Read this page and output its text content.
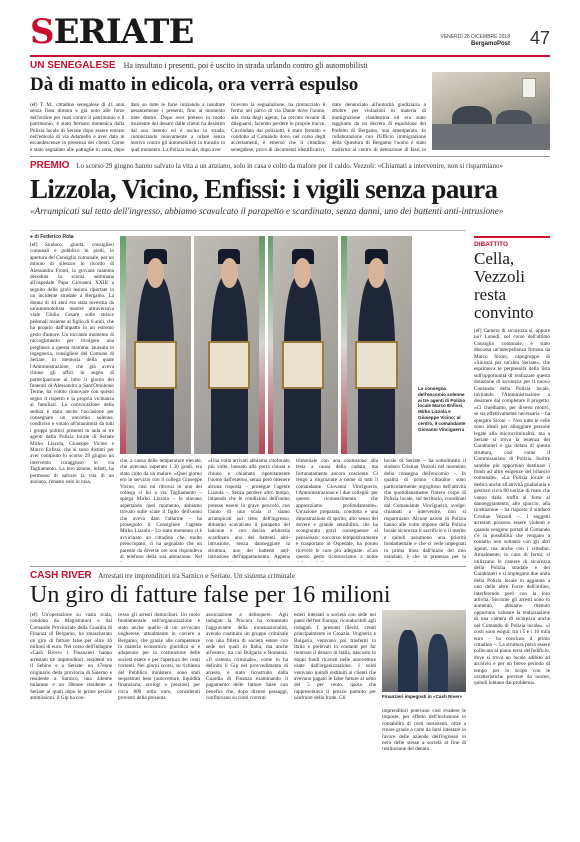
SERIATE	VENERDÌ 28 DICEMBRE 2018
BergamoPost 47
UN SENEGALESE Ha insultato i presenti, poi è uscito in strada urlando contro gli automobilisti
Dà di matto in edicola, ora verrà espulso
(ef) T. M., cittadino senegalese di 41 anni senza fissa dimora e già noto alle forze dell'ordine per reati contro il patrimonio e il patrimonio, è stato fermato domenica dalla Polizia locale di Seriate dopo essere entrato nell'edicola di via Adamello e aver dato in escandescenze in presenza dei clienti. Come è stato segnalato alle pattuglie in zona, dopo
dato su tutte le furie iniziando a insultare pesantemente i presenti, fino al momento tutte dentro. Dopo aver preteso in modo insistente del denaro dalle clienti ha desistito dal suo intento ed è uscito in strada, cominciando nuovamente a urlare senza motivo contro gli automobilisti in transito in quel momento. La Polizia locale, dopo aver
ricevuto la segnalazione, ha rintracciato il fermo nel parco di via Dante dove l'uomo, alla vista degli agenti, ha cercato invano di dileguarsi, facendo perdere le proprie tracce. Circondato dai poliziotti, è stato fermato e condotto al Comando dove, nel corso degli accertamenti, è emerso che il cittadino senegalese, privo di documenti identificativi,
stato denunciato all'autorità giudiziaria a ottobre per violazioni in materia di immigrazione clandestina ed era stato raggiunto da un decreto di espulsione del Prefetto di Bergamo, mai ottemperato. In collaborazione con l'Ufficio immigrazione della Questura di Bergamo l'uomo è stato trasferito al centro di detenzione di Bari in
PREMIO Lo scorso 29 giugno hanno salvato la vita a un anziano, solo in casa e colto da malore per il caldo. Vezzoli: «Chiamati a intervenire, non si risparmiano»
Lizzola, Vicino, Enfissi: i vigili senza paura
«Arrampicati sul tetto dell'ingresso, abbiamo scavalcato il parapetto e scardinato, senza danni, uno dei battenti anti-intrusione»
● di Federico Rota
(ef) Sindaco, giunta, consiglieri comunali e pubblico in piedi, in apertura del Consiglio comunale, per un minuto di silenzio in ricordo di Alessandra Fronti, la giovane mamma deceduta la scorsa settimana all'ospedale Papa Giovanni XXIII a seguito delle gravi lesioni riportate in un incidente stradale a Bergamo. La donna di 44 anni era stata investita da un'automobilista mentre attraversava viale Giulio Cesare sulle strisce pedonali insieme al figlio di 6 anni, che ha proprio dall'impatto in un estremo gesto d'amore. Un toccante momento di raccoglimento per rivolgere una preghiera a questa mamma, laureata in ingegneria, consigliere del Comune di Seriate, in memoria della quale l'Amministrazione, che già aveva chiuso gli uffici in segno di partecipazione al lutto il giorno dei funerali di Alessandra a Sant'Omobono Terme, ha voluto rinnovare con questo segno il rispetto e la propria vicinanza ai familiari. La convocazione della seduta è stata anche l'occasione per consegnare un encomio solenne, condiviso e votato all'unanimità da tutti i gruppi politici presenti in aula ai tre agenti della Polizia locale di Seriate Mirko Lizzola, Giuseppe Vicino e Marco Enfissi, che si sono distinti per aver compiuto lo scorso 29 giugno un intervento coraggioso in via Tagliamento. La loro azione, infatti, ha permesso di salvare la vita di un anziano, rimasto solo in casa,
La consegna dell'encomio solenne ai tre agenti di Polizia locale Marco Enfissi, Mirko Lizzola e Giuseppe Vicino; al centro, il comandante Giovanni Vinciguerra
che, a causa delle temperature elevate, che avevano superato i 30 gradi, era stato colto da un malore. «Quel giorno ero in servizio con il collega Giuseppe Vicino, così mi ritrovai in uno dei collega ci ho a via Tagliamento – spiega Mirko Lizzola – lo stavano aspettando quel momento, abbiamo trovato sulle scale il figlio dell'uomo che aveva dato l'allarme – ha proseguito il Consigliere l'agente Mirko Lizzola – Lo stato momento ci è avvicinato un cittadino che, molto preoccupato, ci ha segnalato che un parente da diverse ore non rispondeva al telefono della sua abitazione. Nel
«Una volta arrivati abbiamo citofonato più volte, bussato alla porta chiusa e chiuso e chiamato ripetutamente l'uomo dall'esterno, senza però ottenere alcuna risposta – prosegue l'agente Lizzola –. Senza perdere altro tempo, intuendo che le condizioni dell'uomo potesse essere in grave pericolo, con l'aiuto di una scala ci siamo arrampicati sul tetto dell'ingresso, abbiamo scavalcato il parapetto del balcone e con decisa arbitraria scardinato uno dei battenti anti-intrusione, senza danneggiare la struttura, uno dei battenti anti-intrusione dell'appartamento. Appena
trimoniale con una contusione alla testa a causa della caduta, ma fortunatamente ancora cosciente. Ci tengo a ringraziare a nome di tutti il comandante Giovanni Vinciguerra, l'Amministrazione e i due colleghi: per questo riconoscimento che apprezziamo profondamente». Un'azione preparata, condotta e una dimostrazione di spirito, alto senso del dovere e grande sensibilità, che ha scongiurato gravi conseguenze al pensionato: soccorso tempestivamente e trasportato in Ospedale, ha potuto ricevere le cure più adeguate. «Con questo gesto riconosciamo a nome
locale di Seriate – ha sottolineato il sindaco Cristian Vezzoli nel momento della consegna dell'encomio –. In qualità di primo cittadino sono particolarmente orgoglioso dell'attività che quotidianamente l'intero corpo di Polizia locale, sul territorio, coordinati dal Comandante Vinciguerra, svolge: chiamati a intervenire, non si risparmiano. Alcune azioni di Polizia hanno alle volte impone della Polizia locale sicurezza il sacrificio e il merito e quindi assumono una priorità fondamentale e che ci vede impegnati in prima linea dall'inizio del mio mandato, è che la presenza per la
DIBATTITO
Cella, Vezzoli resta convinto
(ef) Camera di sicurezza sì, oppure no? Lunedì, nel corso dell'ultimo Consiglio comunale, è stato discussa un'interpellanza firmata da Marco Sironi, capogruppo di «Sinistra per un'altra Seriate», che esprimeva le perplessità della lista sull'opportunità di realizzare questa dotazione di sicurezza per il nuovo Comando della Polizia locale, invitando l'Amministrazione a desistere dal completare il progetto. «Ci chiediamo, per diversi motivi, se sia effettivamente necessaria – ha spiegato Sironi –. Non tutte le celle sono ideali per alloggiare persone legate alla microcriminalità, ma a Seriate si trova la tenenza dei Carabinieri e già dotata di questa struttura, così come il Commissariato di Polizia. Inoltre sarebbe più opportuno destinare i fondi ad altre esigenze del bilancio comunale». «La Polizia locale si dedica anche all'attività giudiziaria e gestisce circa 80 notizie di reato che vanno dalla truffa al furto al danneggiamento, allo spaccio, alla ricettazione – ha risposto il sindaco Cristian Vezzoli –. I soggetti arrestati possono essere violenti e quando vengono portati al Comando c'è la possibilità che vengano a contatto non soltanto con gli altri agenti, ma anche con i cittadini. Attualmente, in caso di fermi, si utilizzano le camere di sicurezza della Polizia stradale e dei Carabinieri e si impiegano due unità della Polizia locale in aggiunta a uno delle altre Forze dell'ordine, interferendo però con la loro attività. Siccome gli arresti sono in aumento, abbiamo ritenuto opportuno valutare la realizzazione di una camera di sicurezza anche nel Comando di Polizia locale». «I costi sono esigui: tra i 5 e i 10 mila euro – ha concluso il primo cittadino –. La struttura potrà essere collocata al piano terra dell'edificio, dove si trova un locale adibito ad archivio e per un breve periodo di tempo per lo scopo con le caratteristiche previste da norme, quindi lontano dai problemi».
CASH RIVER Arrestati tre imprenditori tra Sarnico e Seriate. Un sistema criminale
Un giro di fatture false per 16 milioni
(ef) Un'operazione su vasta scala, condotta da Magistratura e dal Comando Provinciale della Guardia di Finanza di Bergamo, ha smascherato un giro di fatture false per oltre 16 milioni di euro. Nel corso dell'indagine «Cash River» i Finanzieri hanno arrestato tre imprenditori, residenti tra il Sebino e a Seriate: un 47enne originario della provincia di Salerno e residente a Sarnico, una 44enne milanese e un 38enne residente a Seriate ai quali dopo le prime perizie ammissioni, il Gip ha con-
cesso gli arresti domiciliari. Un ruolo fondamentale nell'organizzazione è stato anche quello di un avvocato ungherese, attualmente in carcere a Bergamo, che grazie alle competenze in materia economico giuridica si è adoperato per la costituzione delle società estere e per l'apertura dei conti correnti. Nei giorni scorsi, su richiesta del Pubblico ministero, sono stati sequestrati beni (autovetture, liquidità finanziaria, orologi e preziosi) per circa 800 mila euro, considerati proventi della presunta
associazione a delinquere. Agli indagati la Procura ha contestato l'aggravante della transnazionalità, avendo costituito un gruppo criminale con una filiera di società estere con sede nei quali in Italia, ma anche all'estero, tra cui Bulgaria e Romania. «Il sistema criminale», come lo ha definito il Gip nel provvedimento di arresto, è stato ricostruito dalla Guardia di Finanza esaminando il pagamento delle fatture false con benefici che, dopo diversi passaggi, confluivano su conti correnti
esteri intestati a società con sede nei paesi dell'est Europa, riconducibili agli indagati. I presunti illeciti, creati principalmente in Croazia, Ungheria e Bulgaria, venivano poi trasferiti in Italia e prelevati in contanti per far rientrare il denaro in Italia, nascosto in doppi fondi ricavati nelle autovetture usate dall'organizzazione. I soldi venivano quindi restituiti ai clienti che avevano pagato le false fatture al netto del 5 per cento, quota che rappresentava il prezzo pattuito per usufruire della frode. Gli
imprenditori potevano così evadere le imposte, per effetto dell'inclusione in contabilità di costi inesistenti, oltre a creare grazie a carte da farsi intestare in favore delle aziende dell'ingresso in nero delle stesse a società al fine di restituzione del denaro.
Finanzieri impegnati in «Cash River»
